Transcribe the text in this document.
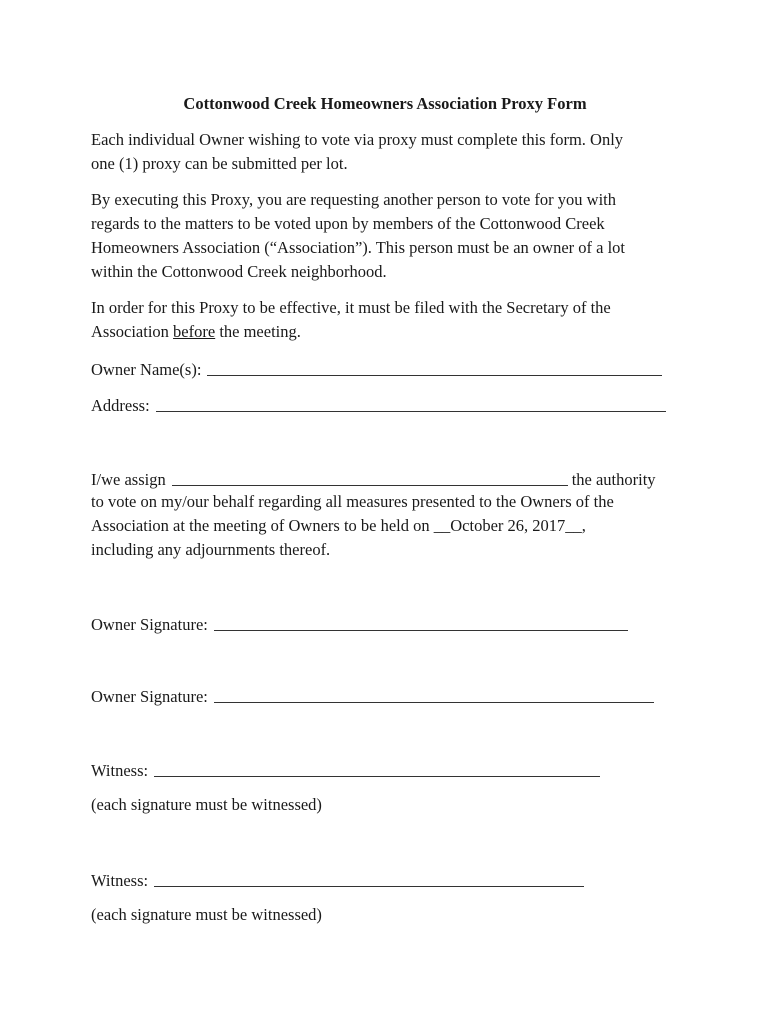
Cottonwood Creek Homeowners Association Proxy Form
Each individual Owner wishing to vote via proxy must complete this form. Only
one (1) proxy can be submitted per lot.
By executing this Proxy, you are requesting another person to vote for you with
regards to the matters to be voted upon by members of the Cottonwood Creek
Homeowners Association (“Association”). This person must be an owner of a lot
within the Cottonwood Creek neighborhood.
In order for this Proxy to be effective, it must be filed with the Secretary of the
Association before the meeting.
Owner Name(s):
Address:
I/we assign	the authority
to vote on my/our behalf regarding all measures presented to the Owners of the
Association at the meeting of Owners to be held on __October 26, 2017__,
including any adjournments thereof.
Owner Signature:
Owner Signature:
Witness:
(each signature must be witnessed)
Witness:
(each signature must be witnessed)
